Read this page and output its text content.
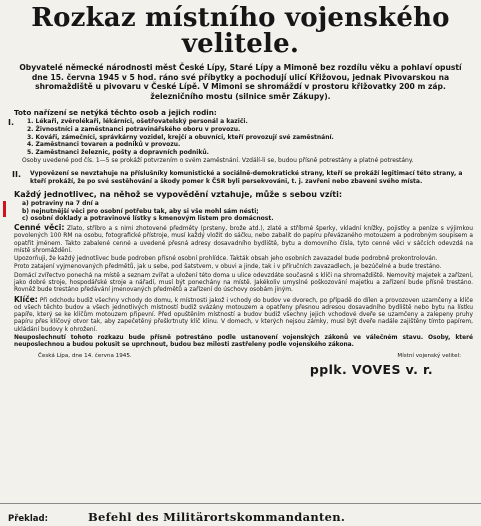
Rozkaz místního vojenského
velitele.
Obyvatelé německé národnosti měst České Lípy, Staré Lípy a Mimoně bez rozdílu věku a pohlaví opustí dne 15. června 1945 v 5 hod. ráno své příbytky a pochodují ulicí Křižovou, jednak Pivovarskou na shromaždiště u pivovaru v České Lípě. V Mimoni se shromáždí v prostoru křižovatky 200 m záp. železničního mostu (silnice směr Zákupy).
Toto nařízení se netýká těchto osob a jejich rodin:
I.	1. Lékaři, zvěrolékaři, lékárníci, ošetřovatelský personál a kaziči.
2. Živnostníci a zaměstnanci potravinářského oboru v provozu.
3. Kováři, zámečníci, správkárny vozidel, krejčí a obuvníci, kteří provozují své zaměstnání.
4. Zaměstnanci tovaren a podniků v provozu.
5. Zaměstnanci železnic, pošty a dopravních podniků.
Osoby uvedené pod čís. 1—5 se prokáží potvrzením o svém zaměstnání. Vzdálí-li se, budou přísně potrestány a platné potrestány.
II.	Vypovězení se nevztahuje na příslušníky komunistické a sociálně-demokratické strany, kteří se prokáží legitimací této strany, a kteří prokáží, že po své sestěhování a škody pomer k ČSR byli persekvováni, t. j. zavřeni nebo zbaveni svého místa.
Každý jednotlivec, na něhož se vypovědění vztahuje, může s sebou vzíti:
a) potraviny na 7 dní a
b) nejnutnější věci pro osobní potřebu tak, aby si vše mohl sám nésti;
c) osobní doklady a potravinové lístky s kmenovým listem pro domácnost.
Cenné věci: Zlato, stříbro a s nimi zhotovené předměty (prsteny, brože atd.), zlaté a stříbrné šperky, vkladní knížky, pojistky a peníze s výjimkou povolených 100 RM na osobu, fotografické přístroje, musí každý vložit do sáčku, nebo zabalit do papíru převázaného motouzem a podrobným soupisem a opatřit jménem. Takto zabalené cenné a uvedené přesná adresy dosavadního bydliště, bytu a domovního čísla, tyto cenné věci v sáčcích odevzdá na místě shromáždění.
Upozorňuji, že každý jednotlivec bude podroben přísné osobní prohlídce. Takták obsah jeho osobních zavazadel bude podrobně prokontrolován.
Proto zatajení vyjmenovaných předmětů, jak u sebe, pod šatstvem, v obuvi a jinde, tak i v příručních zavazadlech, je bezúčelné a bude trestáno.
Domácí zvířectvo ponechá na místě a seznam zvířat a uložení této doma u ulice odevzdáte současně s klíči na shromaždiště. Nemovitý majetek a zařízení, jako dobré stroje, hospodářské stroje a nářadí, musí být ponechány na místě. Jakékoliv umyslné poškozování majetku a zařízení bude přísně trestáno. Rovněž bude trestáno předávání jmenovaných předmětů a zařízení do úschovy osobám jiným.
Klíče: Při odchodu budiž všechny vchody do domu, k místnosti jakož i vchody do budov ve dvorech, po případě do dílen a provozoven uzamčeny a klíče od všech těchto budov a všech jednotlivých místností budiž svázány motouzem a opatřeny přesnou adresou dosavadního bydliště nebo bytu na lístku papíře, který se ke klíčům motouzem připevní. Před opuštěním místností a budov budiž všechny jejich vchodové dveře se uzamčeny a zalepeny pruhy papíru přes klíčový otvor tak, aby zapečetěný přeškrtnuty klíč klinu. V domech, v kterých nejsou zámky, musí být dveře nadále zajištěny tímto papírem, ukládání budovy k ohrožení.
Neuposlechnutí tohoto rozkazu bude přísně potrestáno podle ustanovení vojenských zákonů ve válečném stavu. Osoby, které neuposlechnou a budou pokusit se uprchnout, budou bez milosti zastřeleny podle vojenského zákona.
Česká Lípa, dne 14. června 1945.	Místní vojenský velitel:
pplk. VOVES v. r.
Překlad:	Befehl des Militärortskommandanten.
